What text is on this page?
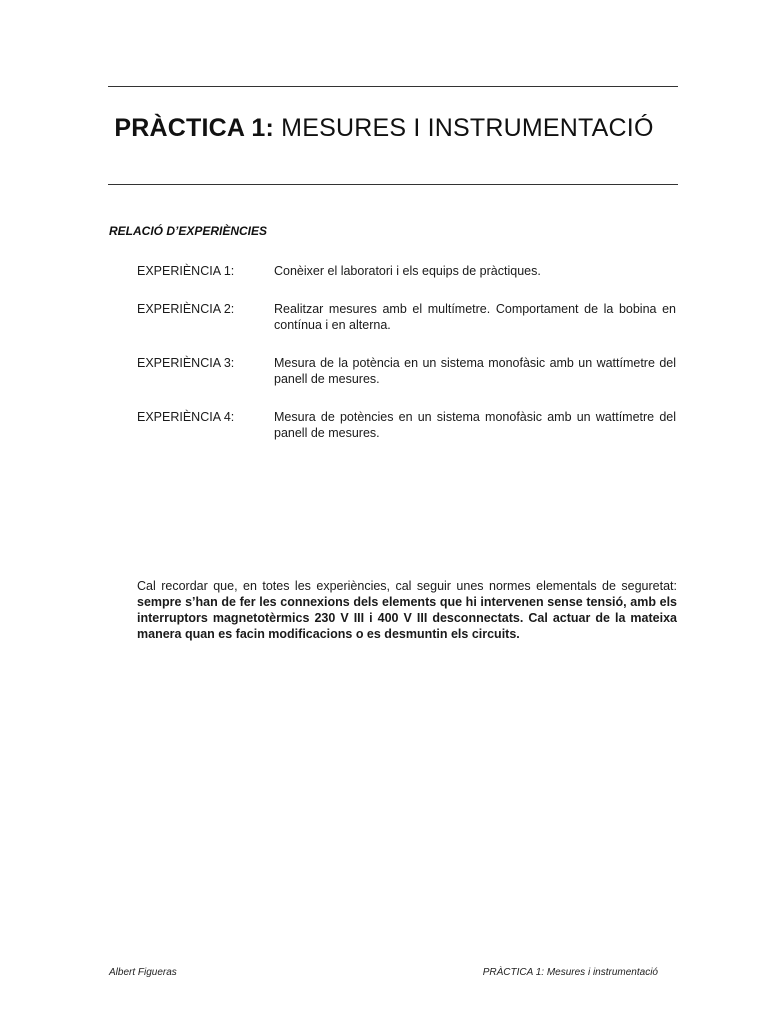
PRÀCTICA 1: MESURES I INSTRUMENTACIÓ
RELACIÓ D’EXPERIÈNCIES
EXPERIÈNCIA 1:	Conèixer el laboratori i els equips de pràctiques.
EXPERIÈNCIA 2:	Realitzar mesures amb el multímetre. Comportament de la bobina en contínua i en alterna.
EXPERIÈNCIA 3:	Mesura de la potència en un sistema monofàsic amb un wattímetre del panell de mesures.
EXPERIÈNCIA 4:	Mesura de potències en un sistema monofàsic amb un wattímetre del panell de mesures.
Cal recordar que, en totes les experiències, cal seguir unes normes elementals de seguretat: sempre s’han de fer les connexions dels elements que hi intervenen sense tensió, amb els interruptors magnetotèrmics 230 V III i 400 V III desconnectats. Cal actuar de la mateixa manera quan es facin modificacions o es desmuntin els circuits.
Albert Figueras	PRÀCTICA 1: Mesures i instrumentació
